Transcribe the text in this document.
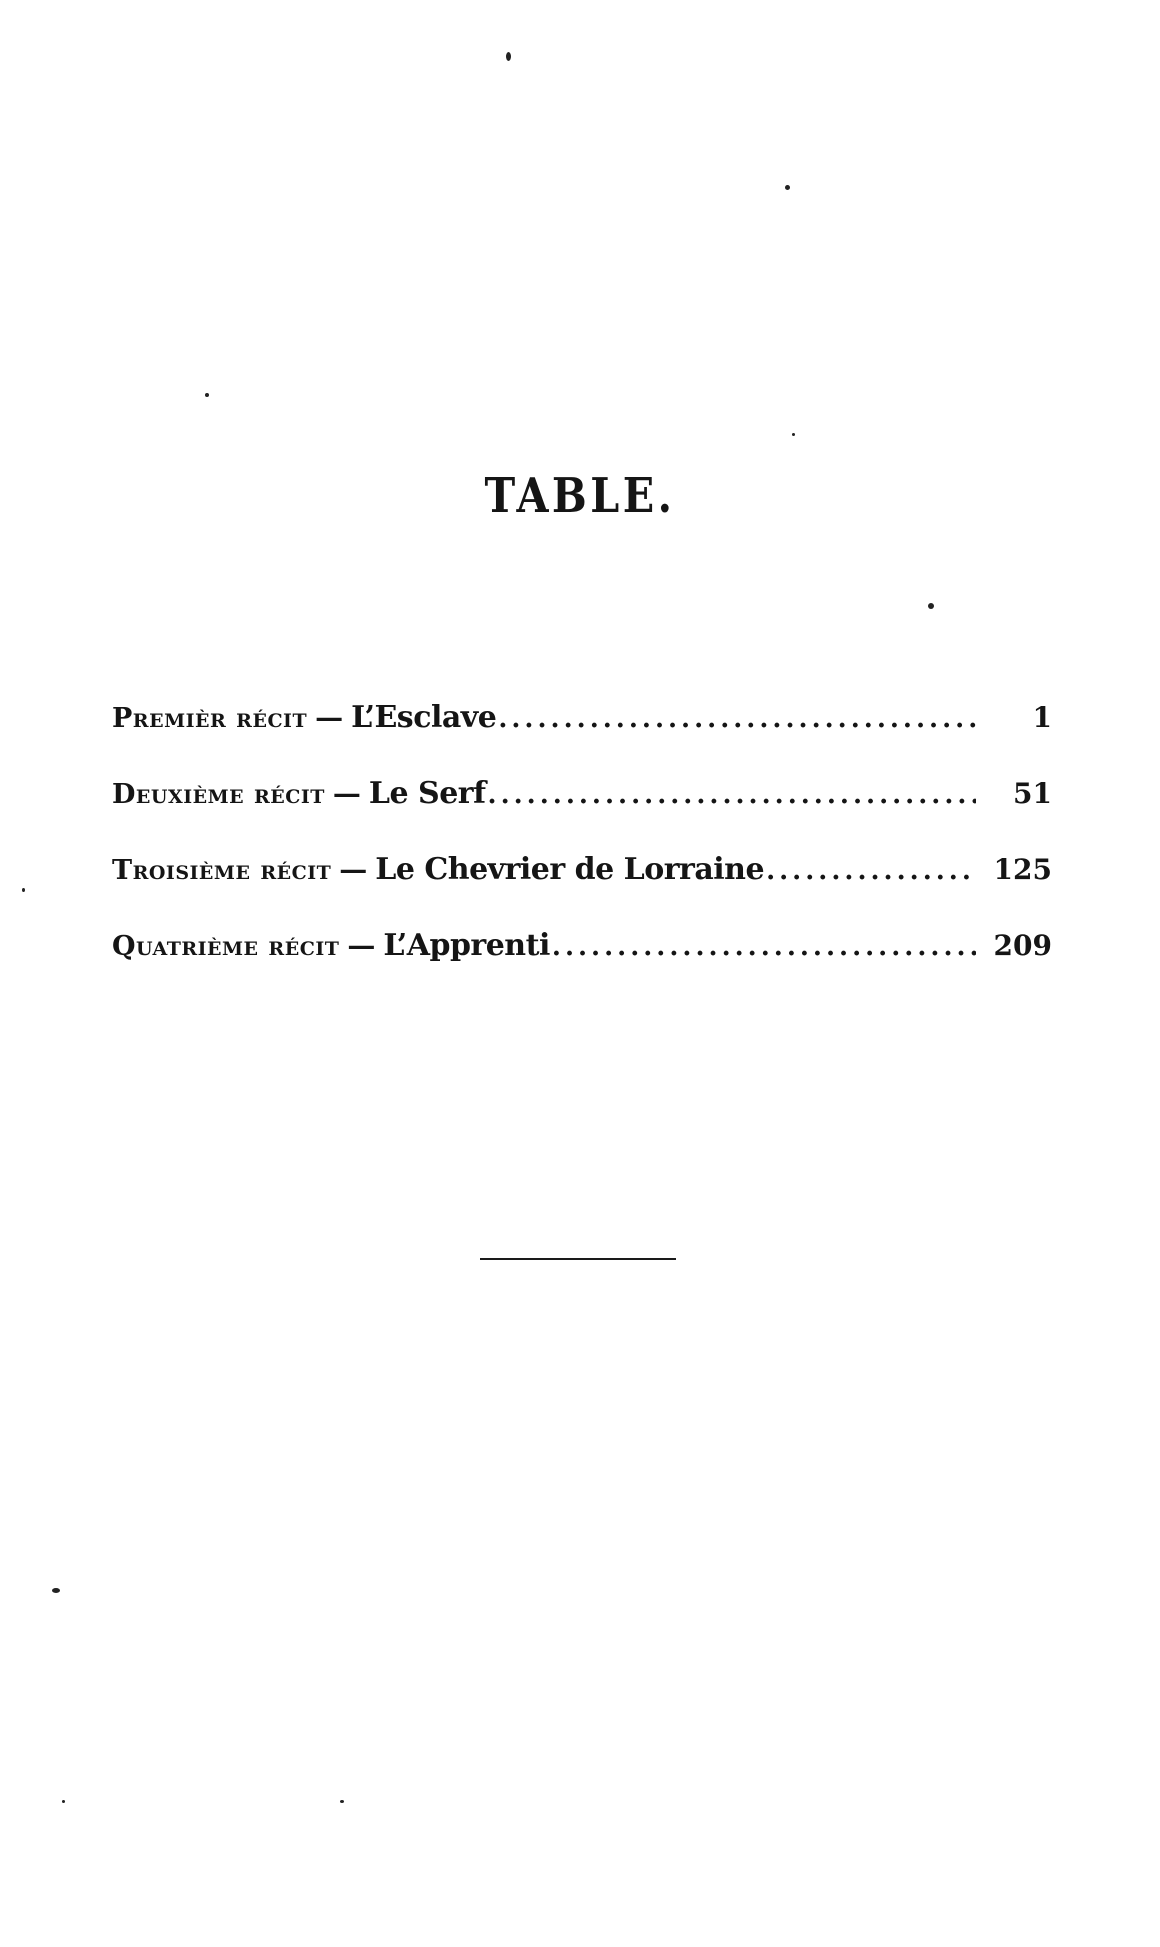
TABLE.
Premièr récit — L’Esclave .....	1
Deuxième récit — Le Serf .....	51
Troisième récit — Le Chevrier de Lorraine .....	125
Quatrième récit — L’Apprenti .....	209
